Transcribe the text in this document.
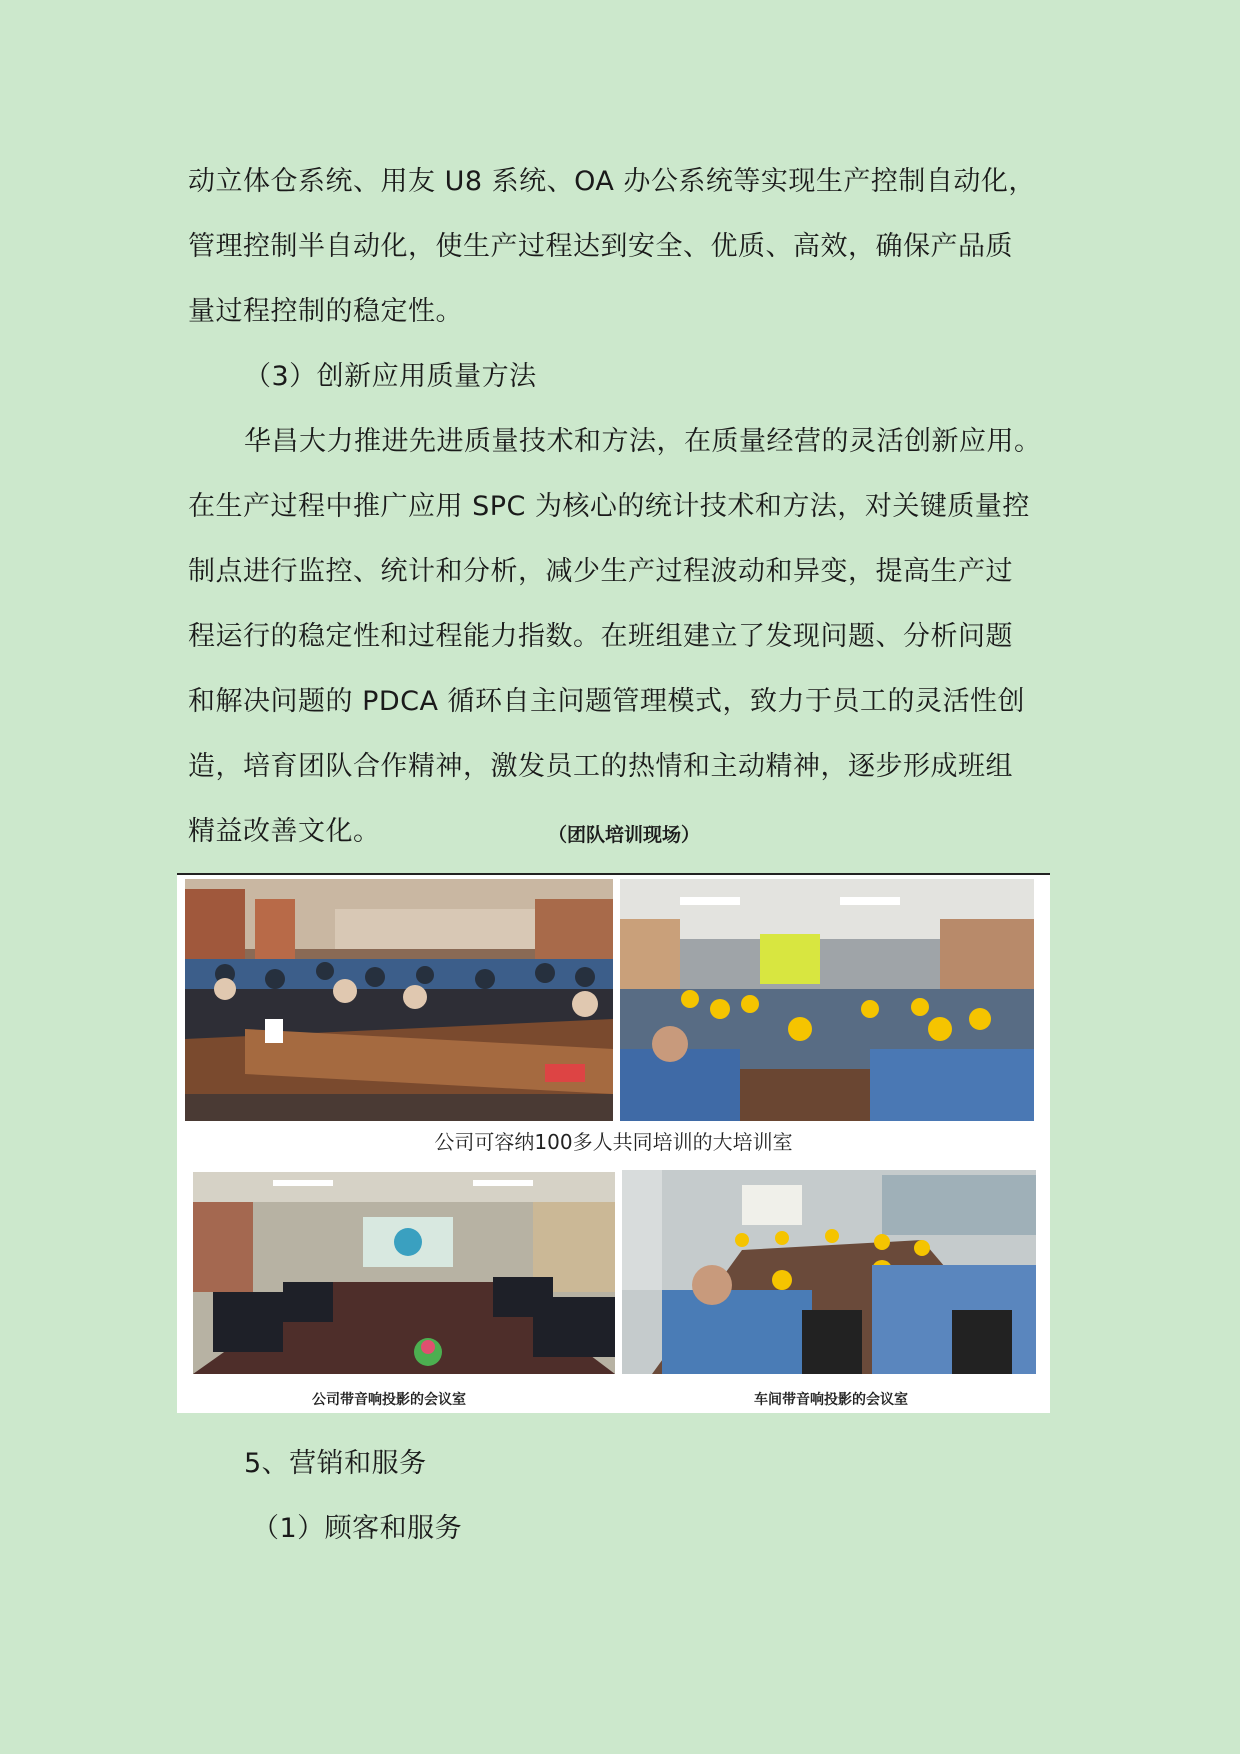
动立体仓系统、用友 U8 系统、OA 办公系统等实现生产控制自动化，
管理控制半自动化，使生产过程达到安全、优质、高效，确保产品质
量过程控制的稳定性。
（3）创新应用质量方法
华昌大力推进先进质量技术和方法，在质量经营的灵活创新应用。
在生产过程中推广应用 SPC 为核心的统计技术和方法，对关键质量控
制点进行监控、统计和分析，减少生产过程波动和异变，提高生产过
程运行的稳定性和过程能力指数。在班组建立了发现问题、分析问题
和解决问题的 PDCA 循环自主问题管理模式，致力于员工的灵活性创
造，培育团队合作精神，激发员工的热情和主动精神，逐步形成班组
精益改善文化。	（团队培训现场）
公司可容纳100多人共同培训的大培训室
公司带音响投影的会议室	车间带音响投影的会议室
5、营销和服务
（1）顾客和服务
